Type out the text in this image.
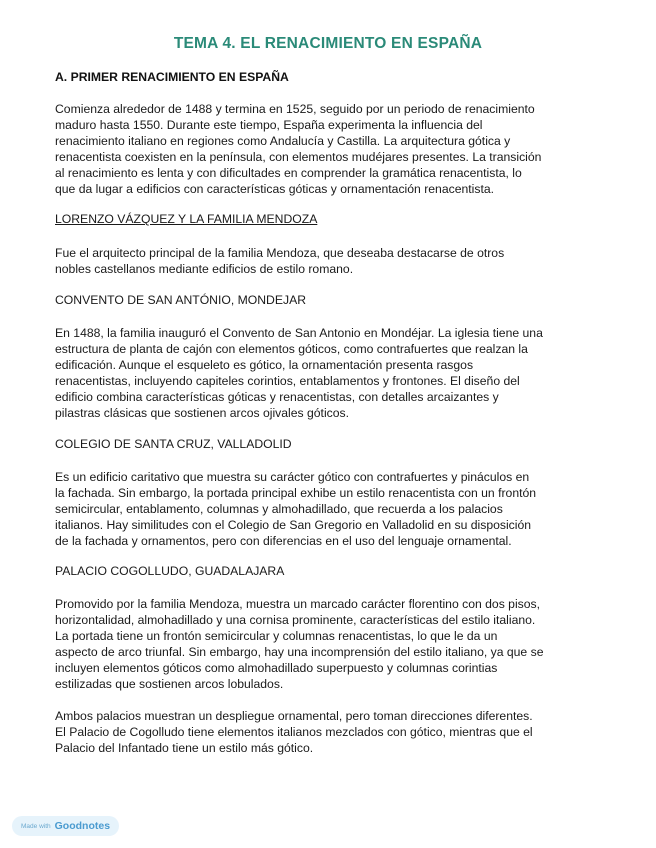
TEMA 4. EL RENACIMIENTO EN ESPAÑA
A. PRIMER RENACIMIENTO EN ESPAÑA
Comienza alrededor de 1488 y termina en 1525, seguido por un periodo de renacimiento
maduro hasta 1550. Durante este tiempo, España experimenta la influencia del
renacimiento italiano en regiones como Andalucía y Castilla. La arquitectura gótica y
renacentista coexisten en la península, con elementos mudéjares presentes. La transición
al renacimiento es lenta y con dificultades en comprender la gramática renacentista, lo
que da lugar a edificios con características góticas y ornamentación renacentista.
LORENZO VÁZQUEZ Y LA FAMILIA MENDOZA
Fue el arquitecto principal de la familia Mendoza, que deseaba destacarse de otros
nobles castellanos mediante edificios de estilo romano.
CONVENTO DE SAN ANTÓNIO, MONDEJAR
En 1488, la familia inauguró el Convento de San Antonio en Mondéjar. La iglesia tiene una
estructura de planta de cajón con elementos góticos, como contrafuertes que realzan la
edificación. Aunque el esqueleto es gótico, la ornamentación presenta rasgos
renacentistas, incluyendo capiteles corintios, entablamentos y frontones. El diseño del
edificio combina características góticas y renacentistas, con detalles arcaizantes y
pilastras clásicas que sostienen arcos ojivales góticos.
COLEGIO DE SANTA CRUZ, VALLADOLID
Es un edificio caritativo que muestra su carácter gótico con contrafuertes y pináculos en
la fachada. Sin embargo, la portada principal exhibe un estilo renacentista con un frontón
semicircular, entablamento, columnas y almohadillado, que recuerda a los palacios
italianos. Hay similitudes con el Colegio de San Gregorio en Valladolid en su disposición
de la fachada y ornamentos, pero con diferencias en el uso del lenguaje ornamental.
PALACIO COGOLLUDO, GUADALAJARA
Promovido por la familia Mendoza, muestra un marcado carácter florentino con dos pisos,
horizontalidad, almohadillado y una cornisa prominente, características del estilo italiano.
La portada tiene un frontón semicircular y columnas renacentistas, lo que le da un
aspecto de arco triunfal. Sin embargo, hay una incomprensión del estilo italiano, ya que se
incluyen elementos góticos como almohadillado superpuesto y columnas corintias
estilizadas que sostienen arcos lobulados.
Ambos palacios muestran un despliegue ornamental, pero toman direcciones diferentes.
El Palacio de Cogolludo tiene elementos italianos mezclados con gótico, mientras que el
Palacio del Infantado tiene un estilo más gótico.
Made with Goodnotes
